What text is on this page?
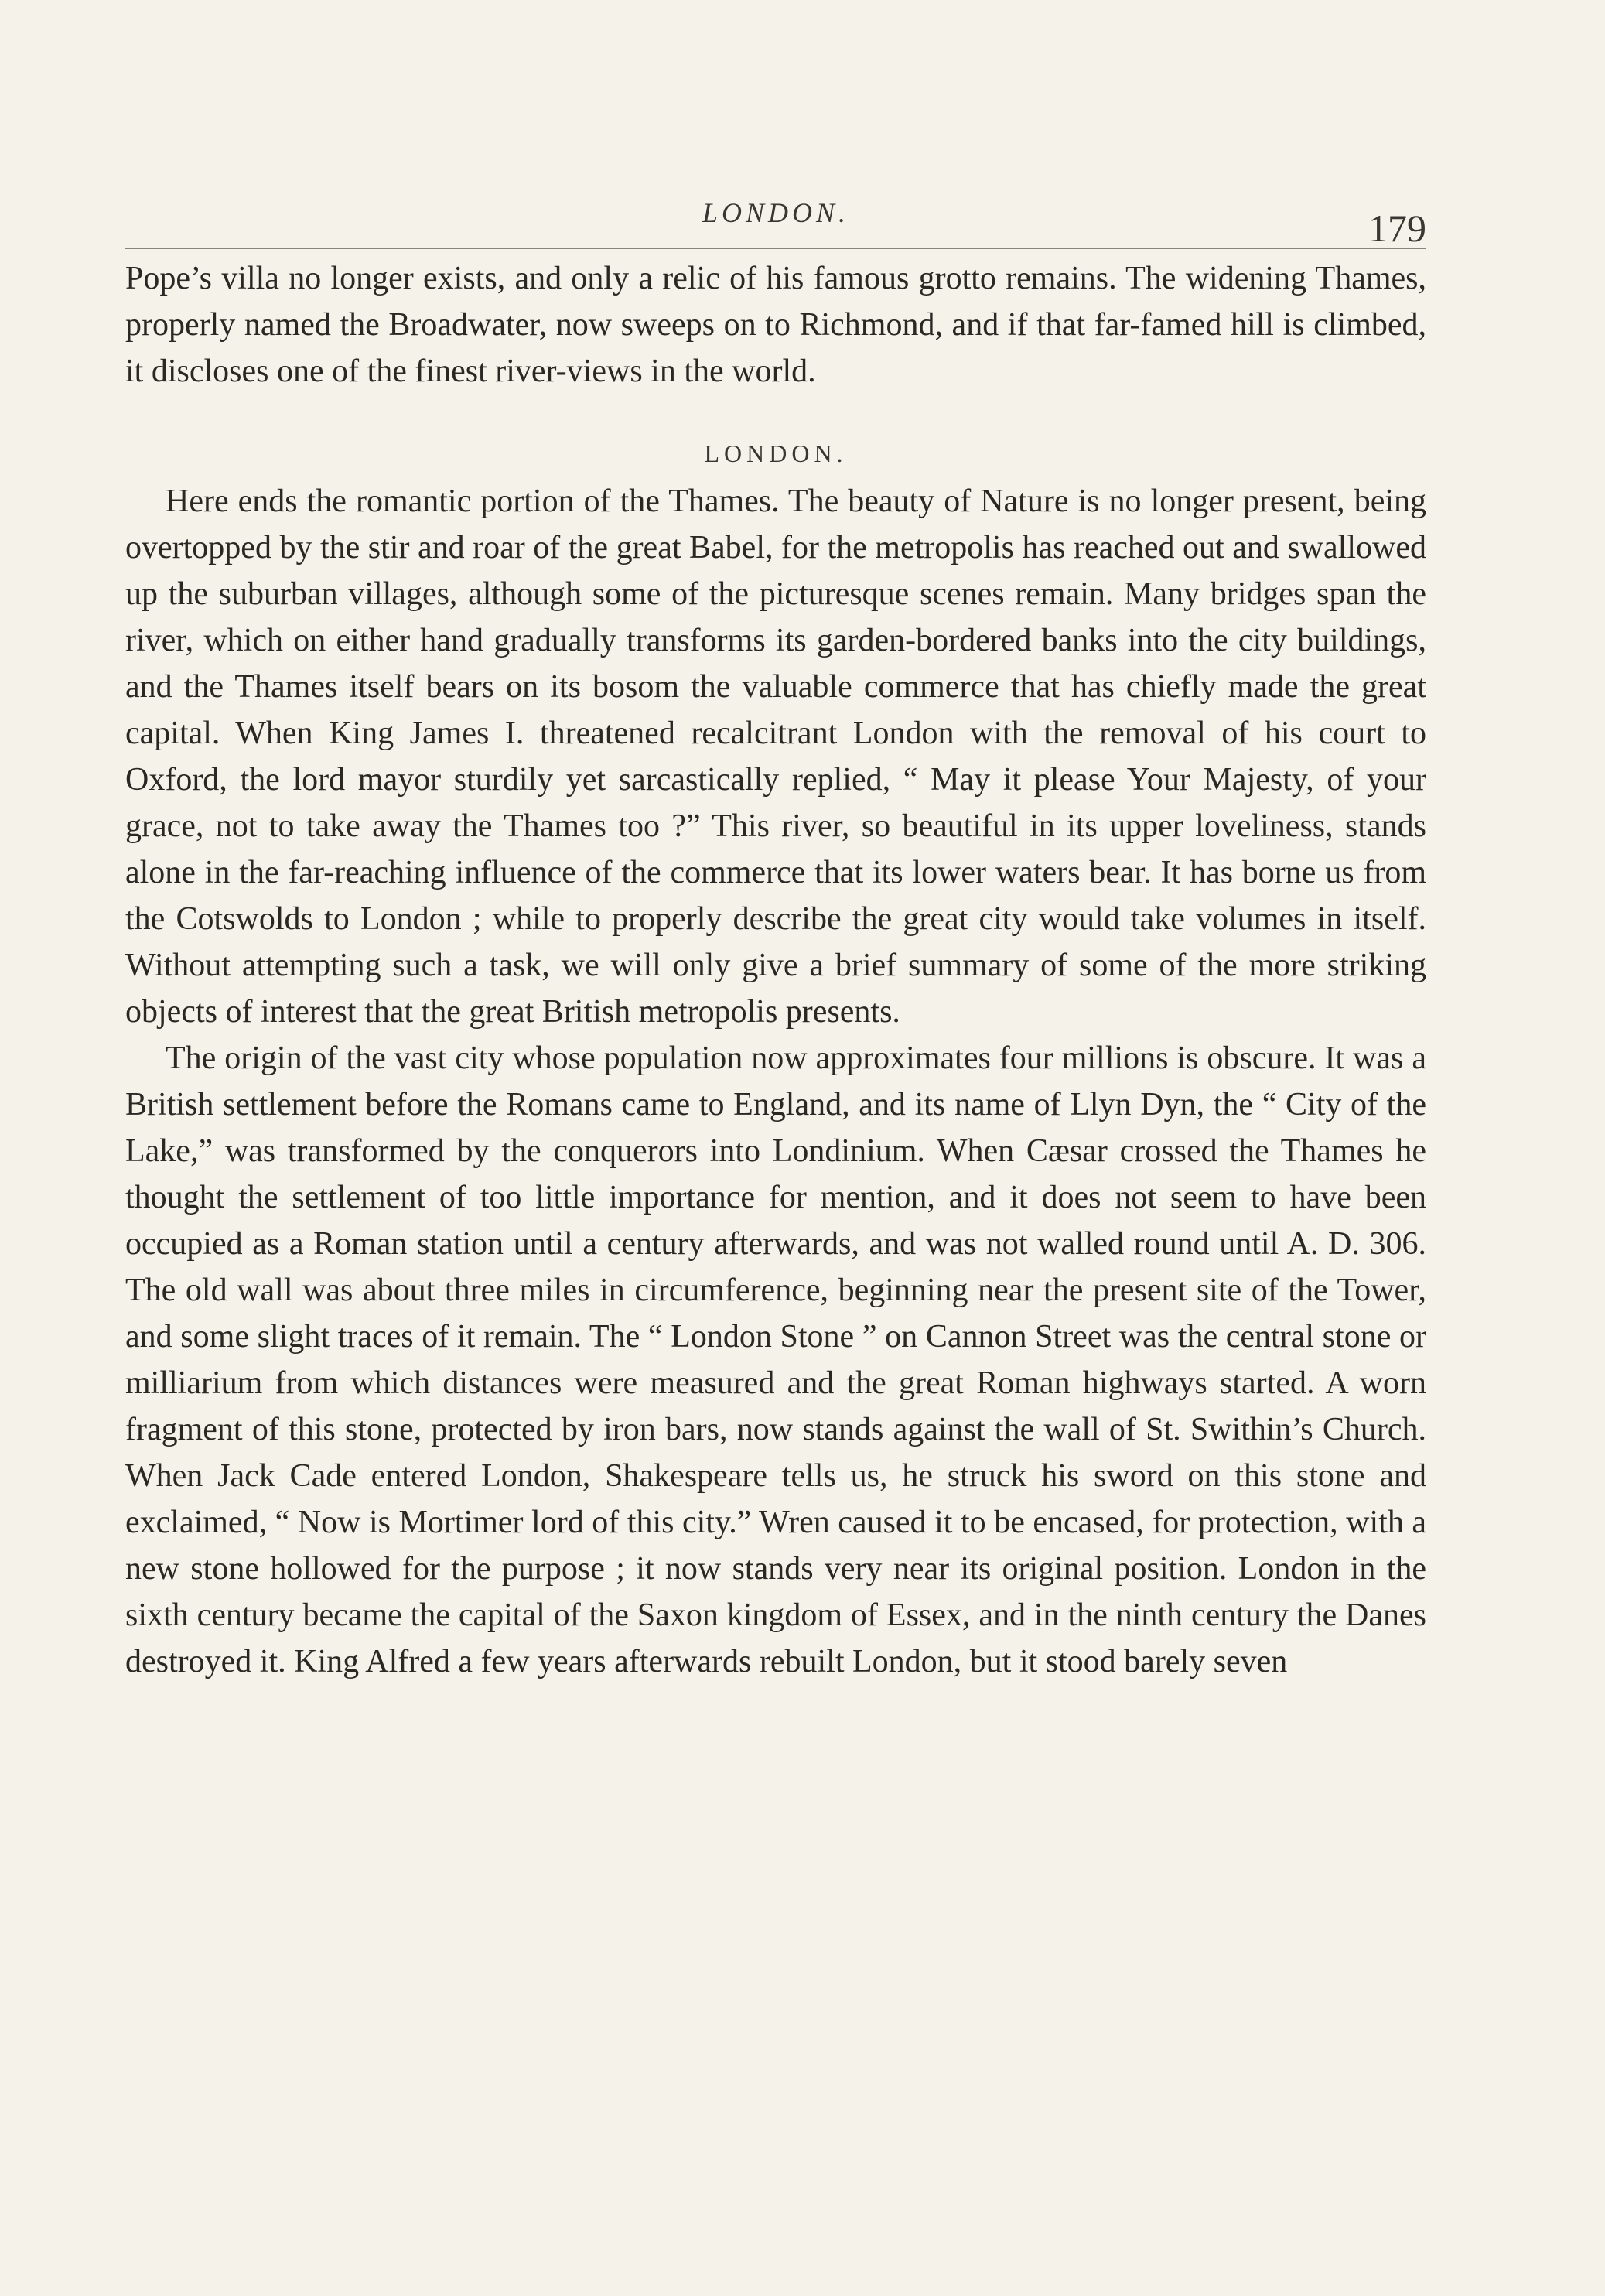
LONDON.	179

Pope’s villa no longer exists, and only a relic of his famous grotto remains. The widening Thames, properly named the Broadwater, now sweeps on to Richmond, and if that far-famed hill is climbed, it discloses one of the finest river-views in the world.

LONDON.

Here ends the romantic portion of the Thames. The beauty of Nature is no longer present, being overtopped by the stir and roar of the great Babel, for the metropolis has reached out and swallowed up the suburban villages, although some of the picturesque scenes remain. Many bridges span the river, which on either hand gradually transforms its garden-bordered banks into the city buildings, and the Thames itself bears on its bosom the valuable commerce that has chiefly made the great capital. When King James I. threatened recalcitrant London with the removal of his court to Oxford, the lord mayor sturdily yet sarcastically replied, “ May it please Your Majesty, of your grace, not to take away the Thames too ?” This river, so beautiful in its upper loveliness, stands alone in the far-reaching influence of the commerce that its lower waters bear. It has borne us from the Cotswolds to London ; while to properly describe the great city would take volumes in itself. Without attempting such a task, we will only give a brief summary of some of the more striking objects of interest that the great British metropolis presents.

The origin of the vast city whose population now approximates four millions is obscure. It was a British settlement before the Romans came to England, and its name of Llyn Dyn, the “ City of the Lake,” was transformed by the conquerors into Londinium. When Cæsar crossed the Thames he thought the settlement of too little importance for mention, and it does not seem to have been occupied as a Roman station until a century afterwards, and was not walled round until A. D. 306. The old wall was about three miles in circumference, beginning near the present site of the Tower, and some slight traces of it remain. The “ London Stone ” on Cannon Street was the central stone or milliarium from which distances were measured and the great Roman highways started. A worn fragment of this stone, protected by iron bars, now stands against the wall of St. Swithin’s Church. When Jack Cade entered London, Shakespeare tells us, he struck his sword on this stone and exclaimed, “ Now is Mortimer lord of this city.” Wren caused it to be encased, for protection, with a new stone hollowed for the purpose ; it now stands very near its original position. London in the sixth century became the capital of the Saxon kingdom of Essex, and in the ninth century the Danes destroyed it. King Alfred a few years afterwards rebuilt London, but it stood barely seven
